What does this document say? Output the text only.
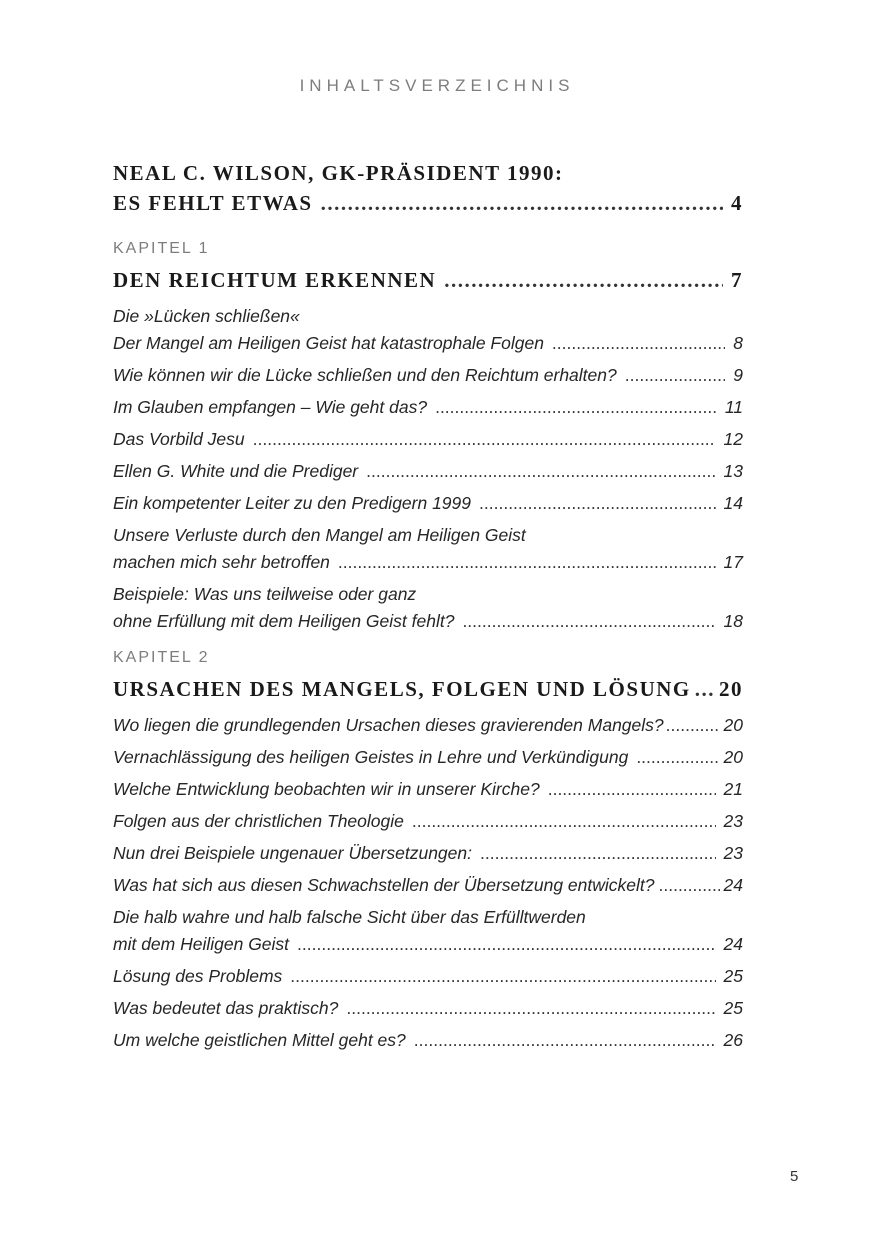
INHALTSVERZEICHNIS
NEAL C. WILSON, GK-PRÄSIDENT 1990:
ES FEHLT ETWAS .....	4
KAPITEL 1
DEN REICHTUM ERKENNEN .....	7
Die »Lücken schließen«
Der Mangel am Heiligen Geist hat katastrophale Folgen .....	8
Wie können wir die Lücke schließen und den Reichtum erhalten? .....	9
Im Glauben empfangen – Wie geht das? .....	11
Das Vorbild Jesu .....	12
Ellen G. White und die Prediger .....	13
Ein kompetenter Leiter zu den Predigern 1999 .....	14
Unsere Verluste durch den Mangel am Heiligen Geist
machen mich sehr betroffen .....	17
Beispiele: Was uns teilweise oder ganz
ohne Erfüllung mit dem Heiligen Geist fehlt? .....	18
KAPITEL 2
URSACHEN DES MANGELS, FOLGEN UND LÖSUNG ..... 20
Wo liegen die grundlegenden Ursachen dieses gravierenden Mangels? .....	20
Vernachlässigung des heiligen Geistes in Lehre und Verkündigung .....	20
Welche Entwicklung beobachten wir in unserer Kirche? .....	21
Folgen aus der christlichen Theologie .....	23
Nun drei Beispiele ungenauer Übersetzungen: .....	23
Was hat sich aus diesen Schwachstellen der Übersetzung entwickelt? .....	24
Die halb wahre und halb falsche Sicht über das Erfülltwerden
mit dem Heiligen Geist .....	24
Lösung des Problems .....	25
Was bedeutet das praktisch? .....	25
Um welche geistlichen Mittel geht es? .....	26
5
